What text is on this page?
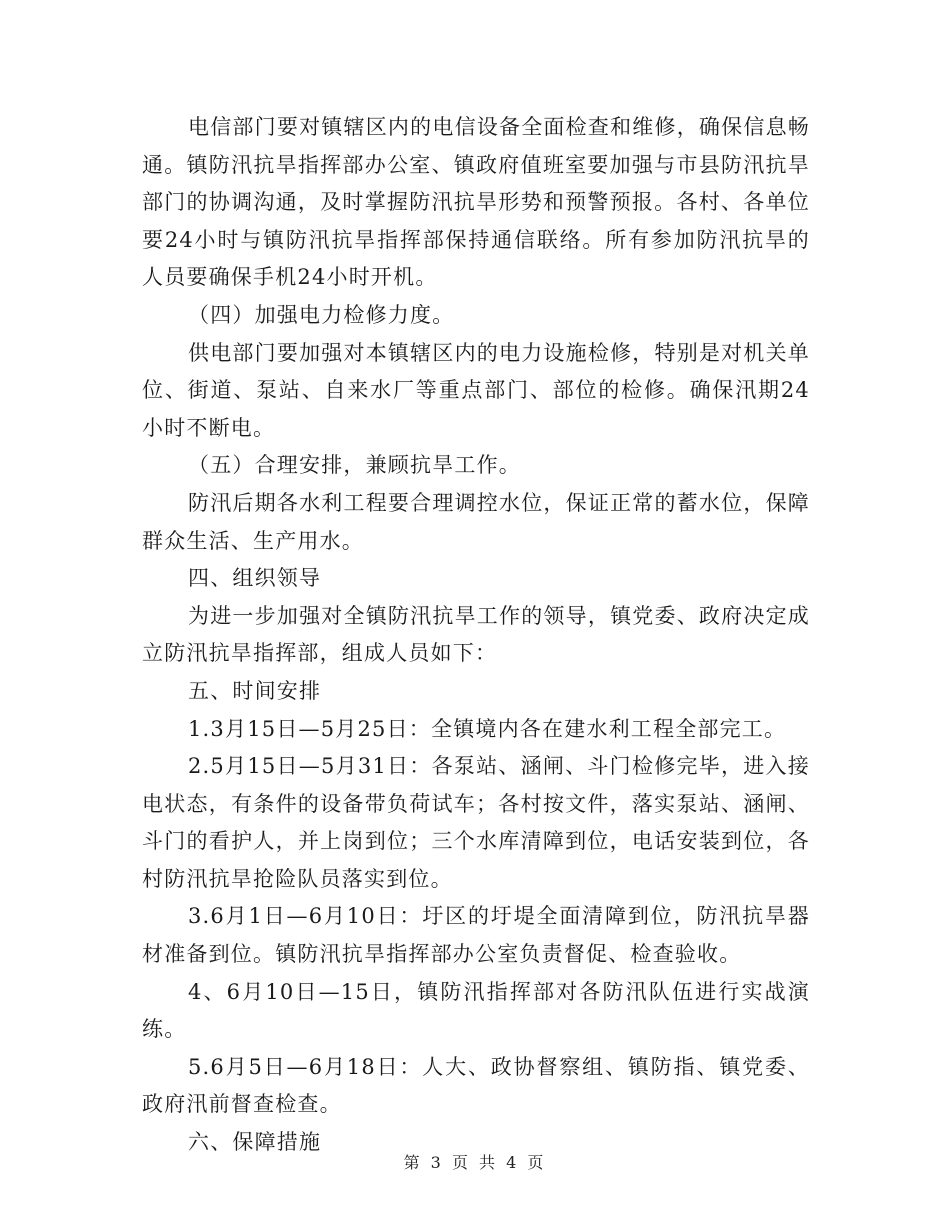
电信部门要对镇辖区内的电信设备全面检查和维修，确保信息畅通。镇防汛抗旱指挥部办公室、镇政府值班室要加强与市县防汛抗旱部门的协调沟通，及时掌握防汛抗旱形势和预警预报。各村、各单位要24小时与镇防汛抗旱指挥部保持通信联络。所有参加防汛抗旱的人员要确保手机24小时开机。

（四）加强电力检修力度。

供电部门要加强对本镇辖区内的电力设施检修，特别是对机关单位、街道、泵站、自来水厂等重点部门、部位的检修。确保汛期24小时不断电。

（五）合理安排，兼顾抗旱工作。

防汛后期各水利工程要合理调控水位，保证正常的蓄水位，保障群众生活、生产用水。

四、组织领导

为进一步加强对全镇防汛抗旱工作的领导，镇党委、政府决定成立防汛抗旱指挥部，组成人员如下：

五、时间安排

1.3月15日—5月25日：全镇境内各在建水利工程全部完工。

2.5月15日—5月31日：各泵站、涵闸、斗门检修完毕，进入接电状态，有条件的设备带负荷试车；各村按文件，落实泵站、涵闸、斗门的看护人，并上岗到位；三个水库清障到位，电话安装到位，各村防汛抗旱抢险队员落实到位。

3.6月1日—6月10日：圩区的圩堤全面清障到位，防汛抗旱器材准备到位。镇防汛抗旱指挥部办公室负责督促、检查验收。

4、6月10日—15日，镇防汛指挥部对各防汛队伍进行实战演练。

5.6月5日—6月18日：人大、政协督察组、镇防指、镇党委、政府汛前督查检查。

六、保障措施

第 3 页 共 4 页
